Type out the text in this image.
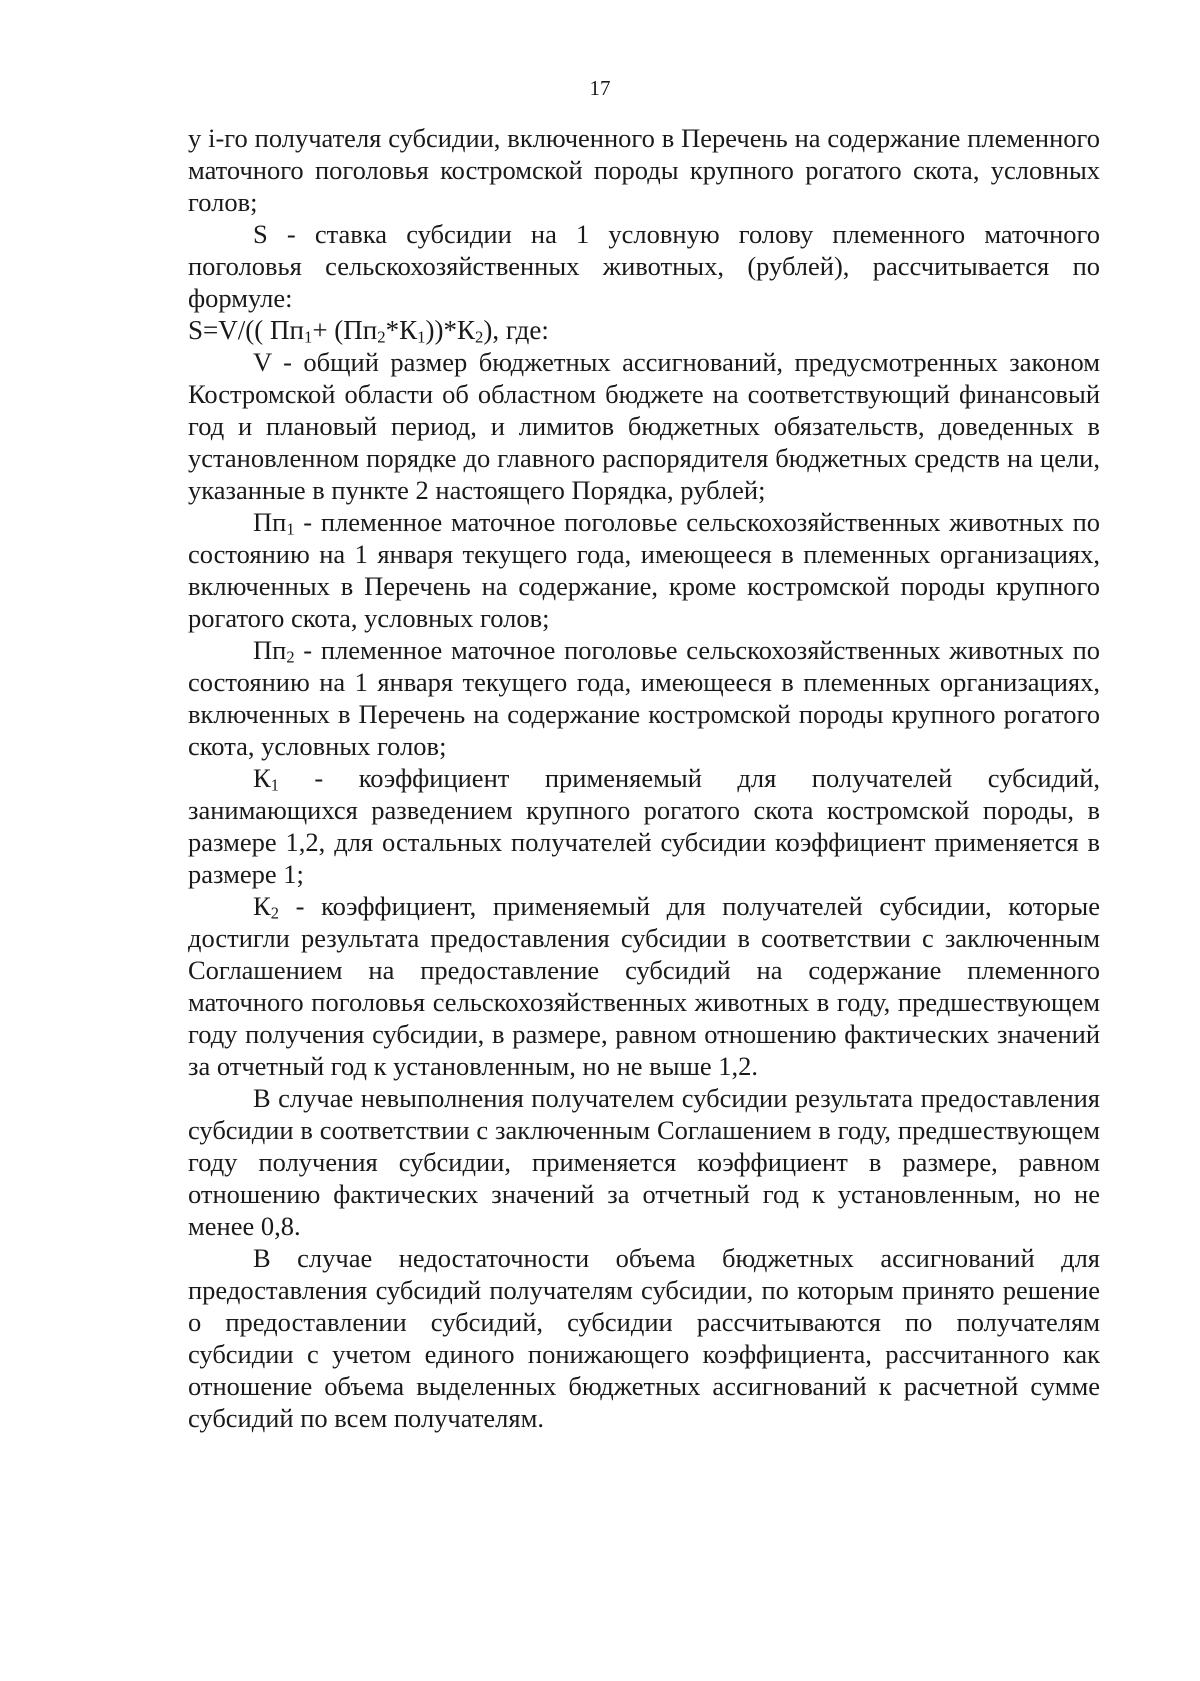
17

у i-го получателя субсидии, включенного в Перечень на содержание племенного маточного поголовья костромской породы крупного рогатого скота, условных голов;

S - ставка субсидии на 1 условную голову племенного маточного поголовья сельскохозяйственных животных, (рублей), рассчитывается по формуле:

S=V/(( $Пп_1+ (Пп_2*К_1))*К_2$), где:

V - общий размер бюджетных ассигнований, предусмотренных законом Костромской области об областном бюджете на соответствующий финансовый год и плановый период, и лимитов бюджетных обязательств, доведенных в установленном порядке до главного распорядителя бюджетных средств на цели, указанные в пункте 2 настоящего Порядка, рублей;

$Пп_1$ - племенное маточное поголовье сельскохозяйственных животных по состоянию на 1 января текущего года, имеющееся в племенных организациях, включенных в Перечень на содержание, кроме костромской породы крупного рогатого скота, условных голов;

$Пп_2$ - племенное маточное поголовье сельскохозяйственных животных по состоянию на 1 января текущего года, имеющееся в племенных организациях, включенных в Перечень на содержание костромской породы крупного рогатого скота, условных голов;

$К_1$ - коэффициент применяемый для получателей субсидий, занимающихся разведением крупного рогатого скота костромской породы, в размере 1,2, для остальных получателей субсидии коэффициент применяется в размере 1;

$К_2$ - коэффициент, применяемый для получателей субсидии, которые достигли результата предоставления субсидии в соответствии с заключенным Соглашением на предоставление субсидий на содержание племенного маточного поголовья сельскохозяйственных животных в году, предшествующем году получения субсидии, в размере, равном отношению фактических значений за отчетный год к установленным, но не выше 1,2.

В случае невыполнения получателем субсидии результата предоставления субсидии в соответствии с заключенным Соглашением в году, предшествующем году получения субсидии, применяется коэффициент в размере, равном отношению фактических значений за отчетный год к установленным, но не менее 0,8.

В случае недостаточности объема бюджетных ассигнований для предоставления субсидий получателям субсидии, по которым принято решение о предоставлении субсидий, субсидии рассчитываются по получателям субсидии с учетом единого понижающего коэффициента, рассчитанного как отношение объема выделенных бюджетных ассигнований к расчетной сумме субсидий по всем получателям.
